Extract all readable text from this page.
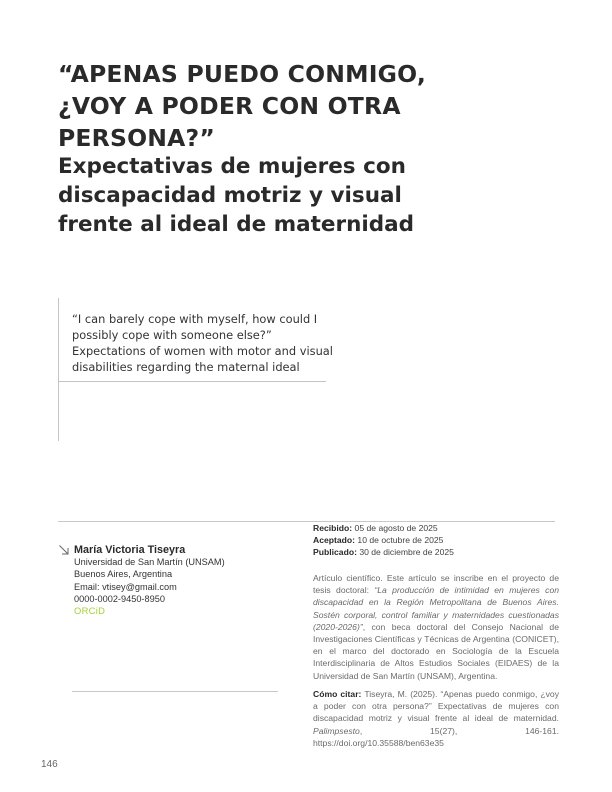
“APENAS PUEDO CONMIGO, ¿VOY A PODER CON OTRA PERSONA?”
Expectativas de mujeres con discapacidad motriz y visual frente al ideal de maternidad

“I can barely cope with myself, how could I possibly cope with someone else?” Expectations of women with motor and visual disabilities regarding the maternal ideal

María Victoria Tiseyra
Universidad de San Martín (UNSAM)
Buenos Aires, Argentina
Email: vtisey@gmail.com
0000-0002-9450-8950
ORCiD
Recibido: 05 de agosto de 2025
Aceptado: 10 de octubre de 2025
Publicado: 30 de diciembre de 2025

Artículo científico. Este artículo se inscribe en el proyecto de tesis doctoral: “La producción de intimidad en mujeres con discapacidad en la Región Metropolitana de Buenos Aires. Sostén corporal, control familiar y maternidades cuestionadas (2020-2026)”, con beca doctoral del Consejo Nacional de Investigaciones Científicas y Técnicas de Argentina (CONICET), en el marco del doctorado en Sociología de la Escuela Interdisciplinaria de Altos Estudios Sociales (EIDAES) de la Universidad de San Martín (UNSAM), Argentina.

Cómo citar: Tiseyra, M. (2025). “Apenas puedo conmigo, ¿voy a poder con otra persona?” Expectativas de mujeres con discapacidad motriz y visual frente al ideal de maternidad. Palimpsesto, 15(27), 146-161. https://doi.org/10.35588/ben63e35

146
